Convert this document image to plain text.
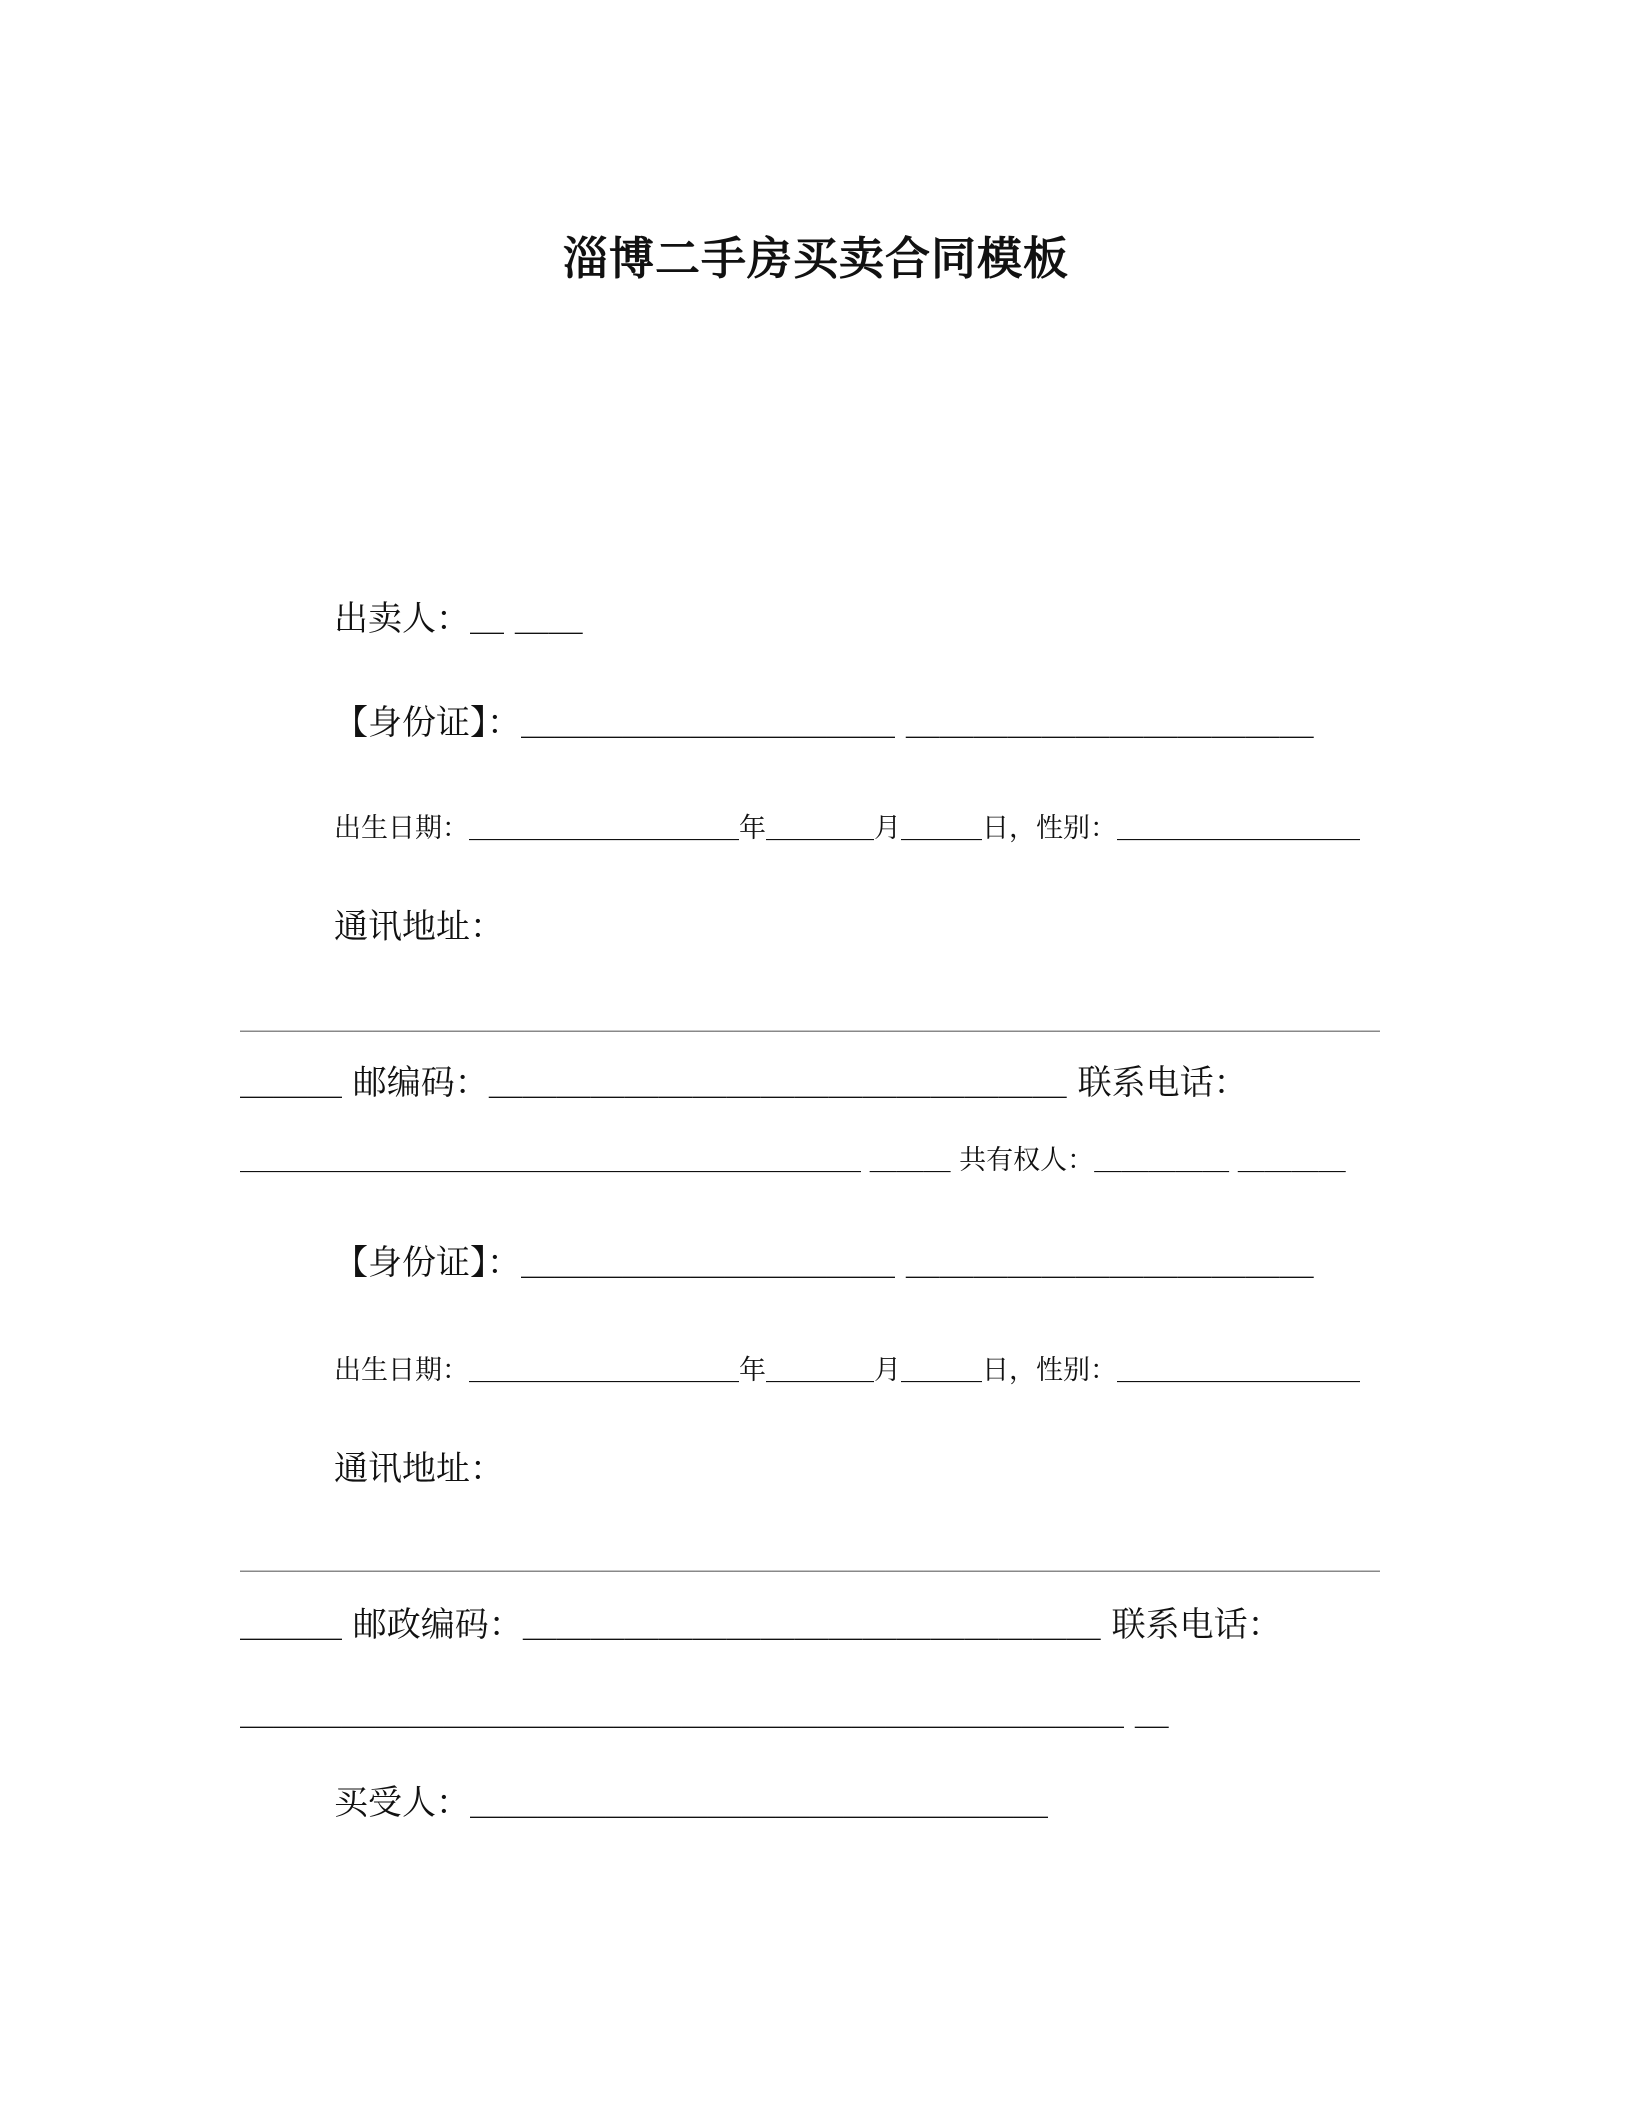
淄博二手房买卖合同模板
出卖人：＿ ＿＿
【身份证】：＿＿＿＿＿＿＿＿＿＿＿ ＿＿＿＿＿＿＿＿＿＿＿＿
出生日期：＿＿＿＿＿＿＿＿＿＿年＿＿＿＿月＿＿＿日，性别：＿＿＿＿＿＿＿＿＿
通讯地址：
＿＿＿＿＿＿＿＿＿＿＿＿＿＿＿＿＿＿＿＿＿＿＿＿＿＿＿＿＿＿＿＿＿＿＿＿＿＿＿＿＿＿＿＿＿＿＿＿＿＿＿＿＿＿＿＿＿＿＿＿
＿＿＿ 邮编码：＿＿＿＿＿＿＿＿＿＿＿＿＿＿＿＿＿ 联系电话：
＿＿＿＿＿＿＿＿＿＿＿＿＿＿＿＿＿＿＿＿＿＿＿ ＿＿＿ 共有权人：＿＿＿＿＿ ＿＿＿＿
【身份证】：＿＿＿＿＿＿＿＿＿＿＿ ＿＿＿＿＿＿＿＿＿＿＿＿
出生日期：＿＿＿＿＿＿＿＿＿＿年＿＿＿＿月＿＿＿日，性别：＿＿＿＿＿＿＿＿＿
通讯地址：
＿＿＿＿＿＿＿＿＿＿＿＿＿＿＿＿＿＿＿＿＿＿＿＿＿＿＿＿＿＿＿＿＿＿＿＿＿＿＿＿＿＿＿＿＿＿＿＿＿＿＿＿＿＿＿＿＿＿＿＿
＿＿＿ 邮政编码：＿＿＿＿＿＿＿＿＿＿＿＿＿＿＿＿＿ 联系电话：
＿＿＿＿＿＿＿＿＿＿＿＿＿＿＿＿＿＿＿＿＿＿＿＿＿＿ ＿
买受人：＿＿＿＿＿＿＿＿＿＿＿＿＿＿＿＿＿
